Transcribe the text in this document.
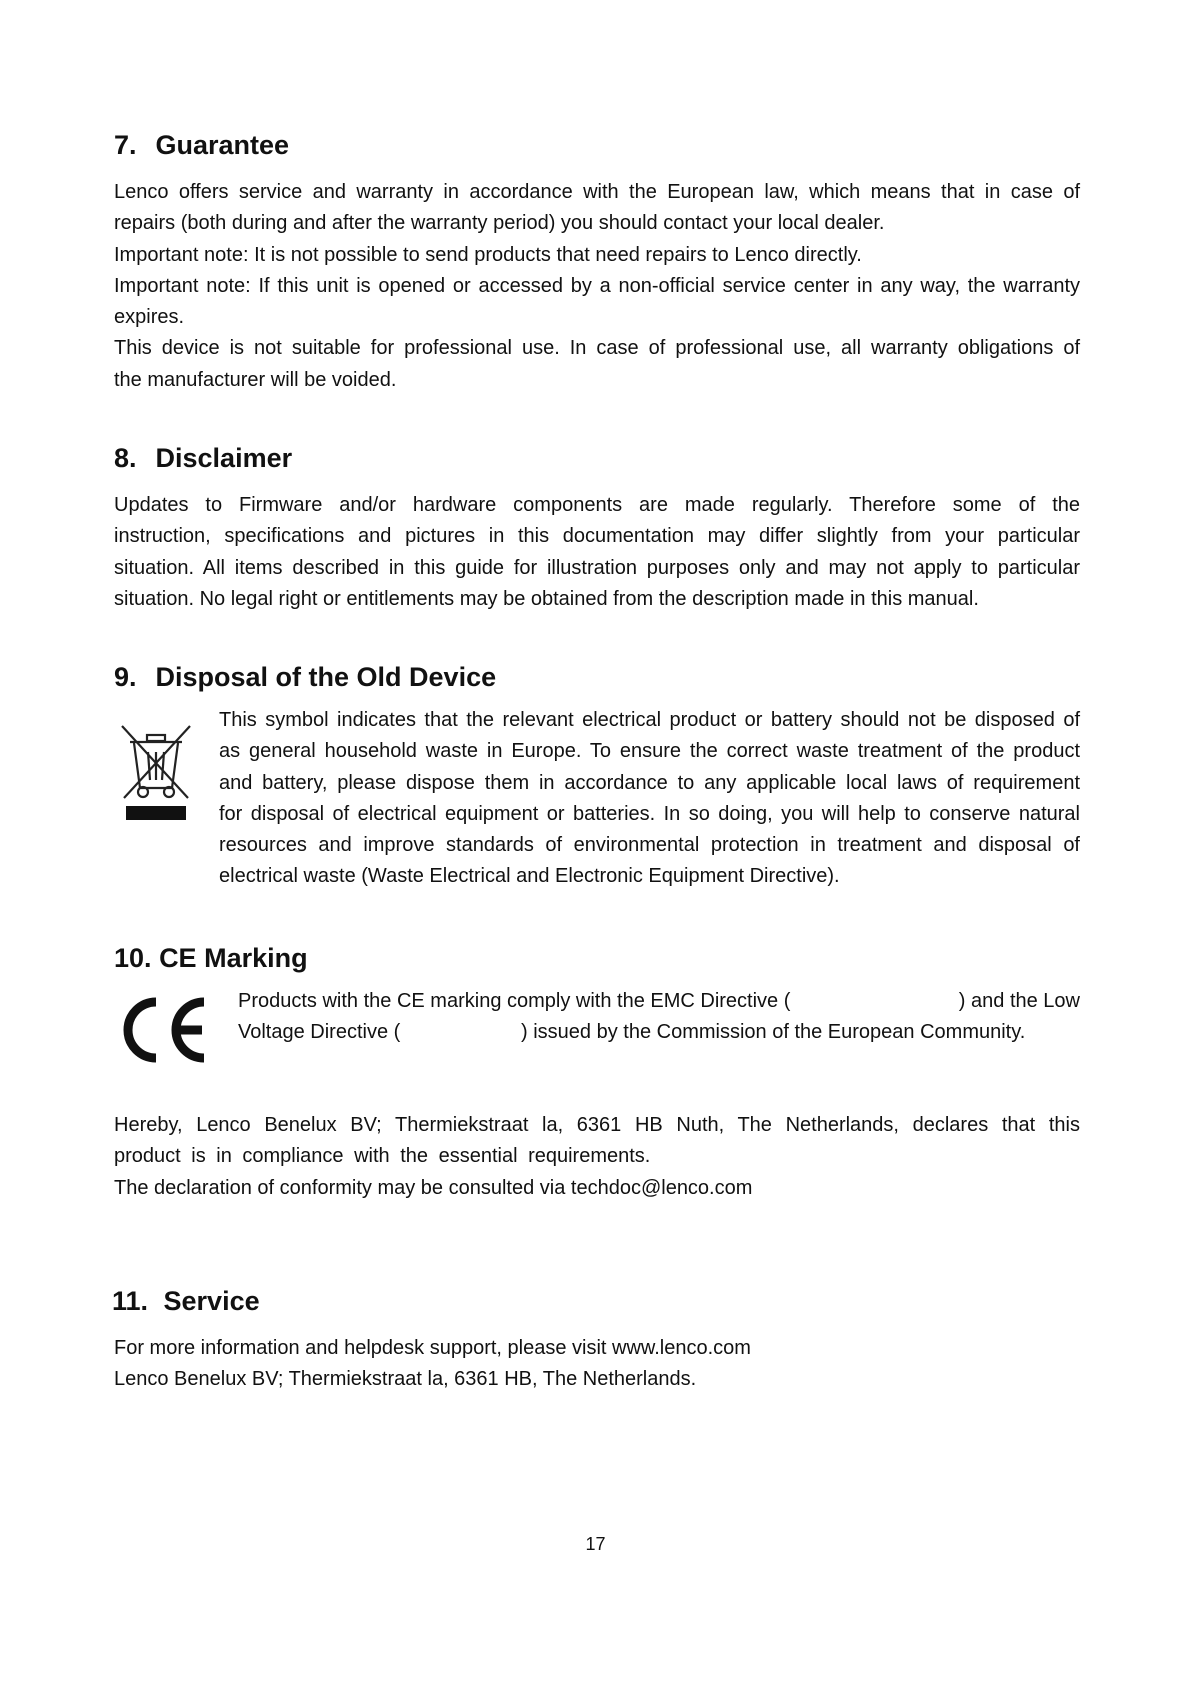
7. Guarantee
Lenco offers service and warranty in accordance with the European law, which means that in case of
repairs (both during and after the warranty period) you should contact your local dealer.
Important note: It is not possible to send products that need repairs to Lenco directly.
Important note: If this unit is opened or accessed by a non-official service center in any way, the warranty
expires.
This device is not suitable for professional use. In case of professional use, all warranty obligations of
the manufacturer will be voided.
8. Disclaimer
Updates to Firmware and/or hardware components are made regularly. Therefore some of the
instruction, specifications and pictures in this documentation may differ slightly from your particular
situation. All items described in this guide for illustration purposes only and may not apply to particular
situation. No legal right or entitlements may be obtained from the description made in this manual.
9. Disposal of the Old Device
This symbol indicates that the relevant electrical product or battery should not be disposed of
as general household waste in Europe. To ensure the correct waste treatment of the product
and battery, please dispose them in accordance to any applicable local laws of requirement
for disposal of electrical equipment or batteries. In so doing, you will help to conserve natural
resources and improve standards of environmental protection in treatment and disposal of
electrical waste (Waste Electrical and Electronic Equipment Directive).
10. CE Marking
Products with the CE marking comply with the EMC Directive (	) and the Low
Voltage Directive (	) issued by the Commission of the European Community.
Hereby, Lenco Benelux BV; Thermiekstraat la, 6361 HB Nuth, The Netherlands, declares that this
product is in compliance with the essential requirements.
The declaration of conformity may be consulted via techdoc@lenco.com
11. Service
For more information and helpdesk support, please visit www.lenco.com
Lenco Benelux BV; Thermiekstraat la, 6361 HB, The Netherlands.
17
